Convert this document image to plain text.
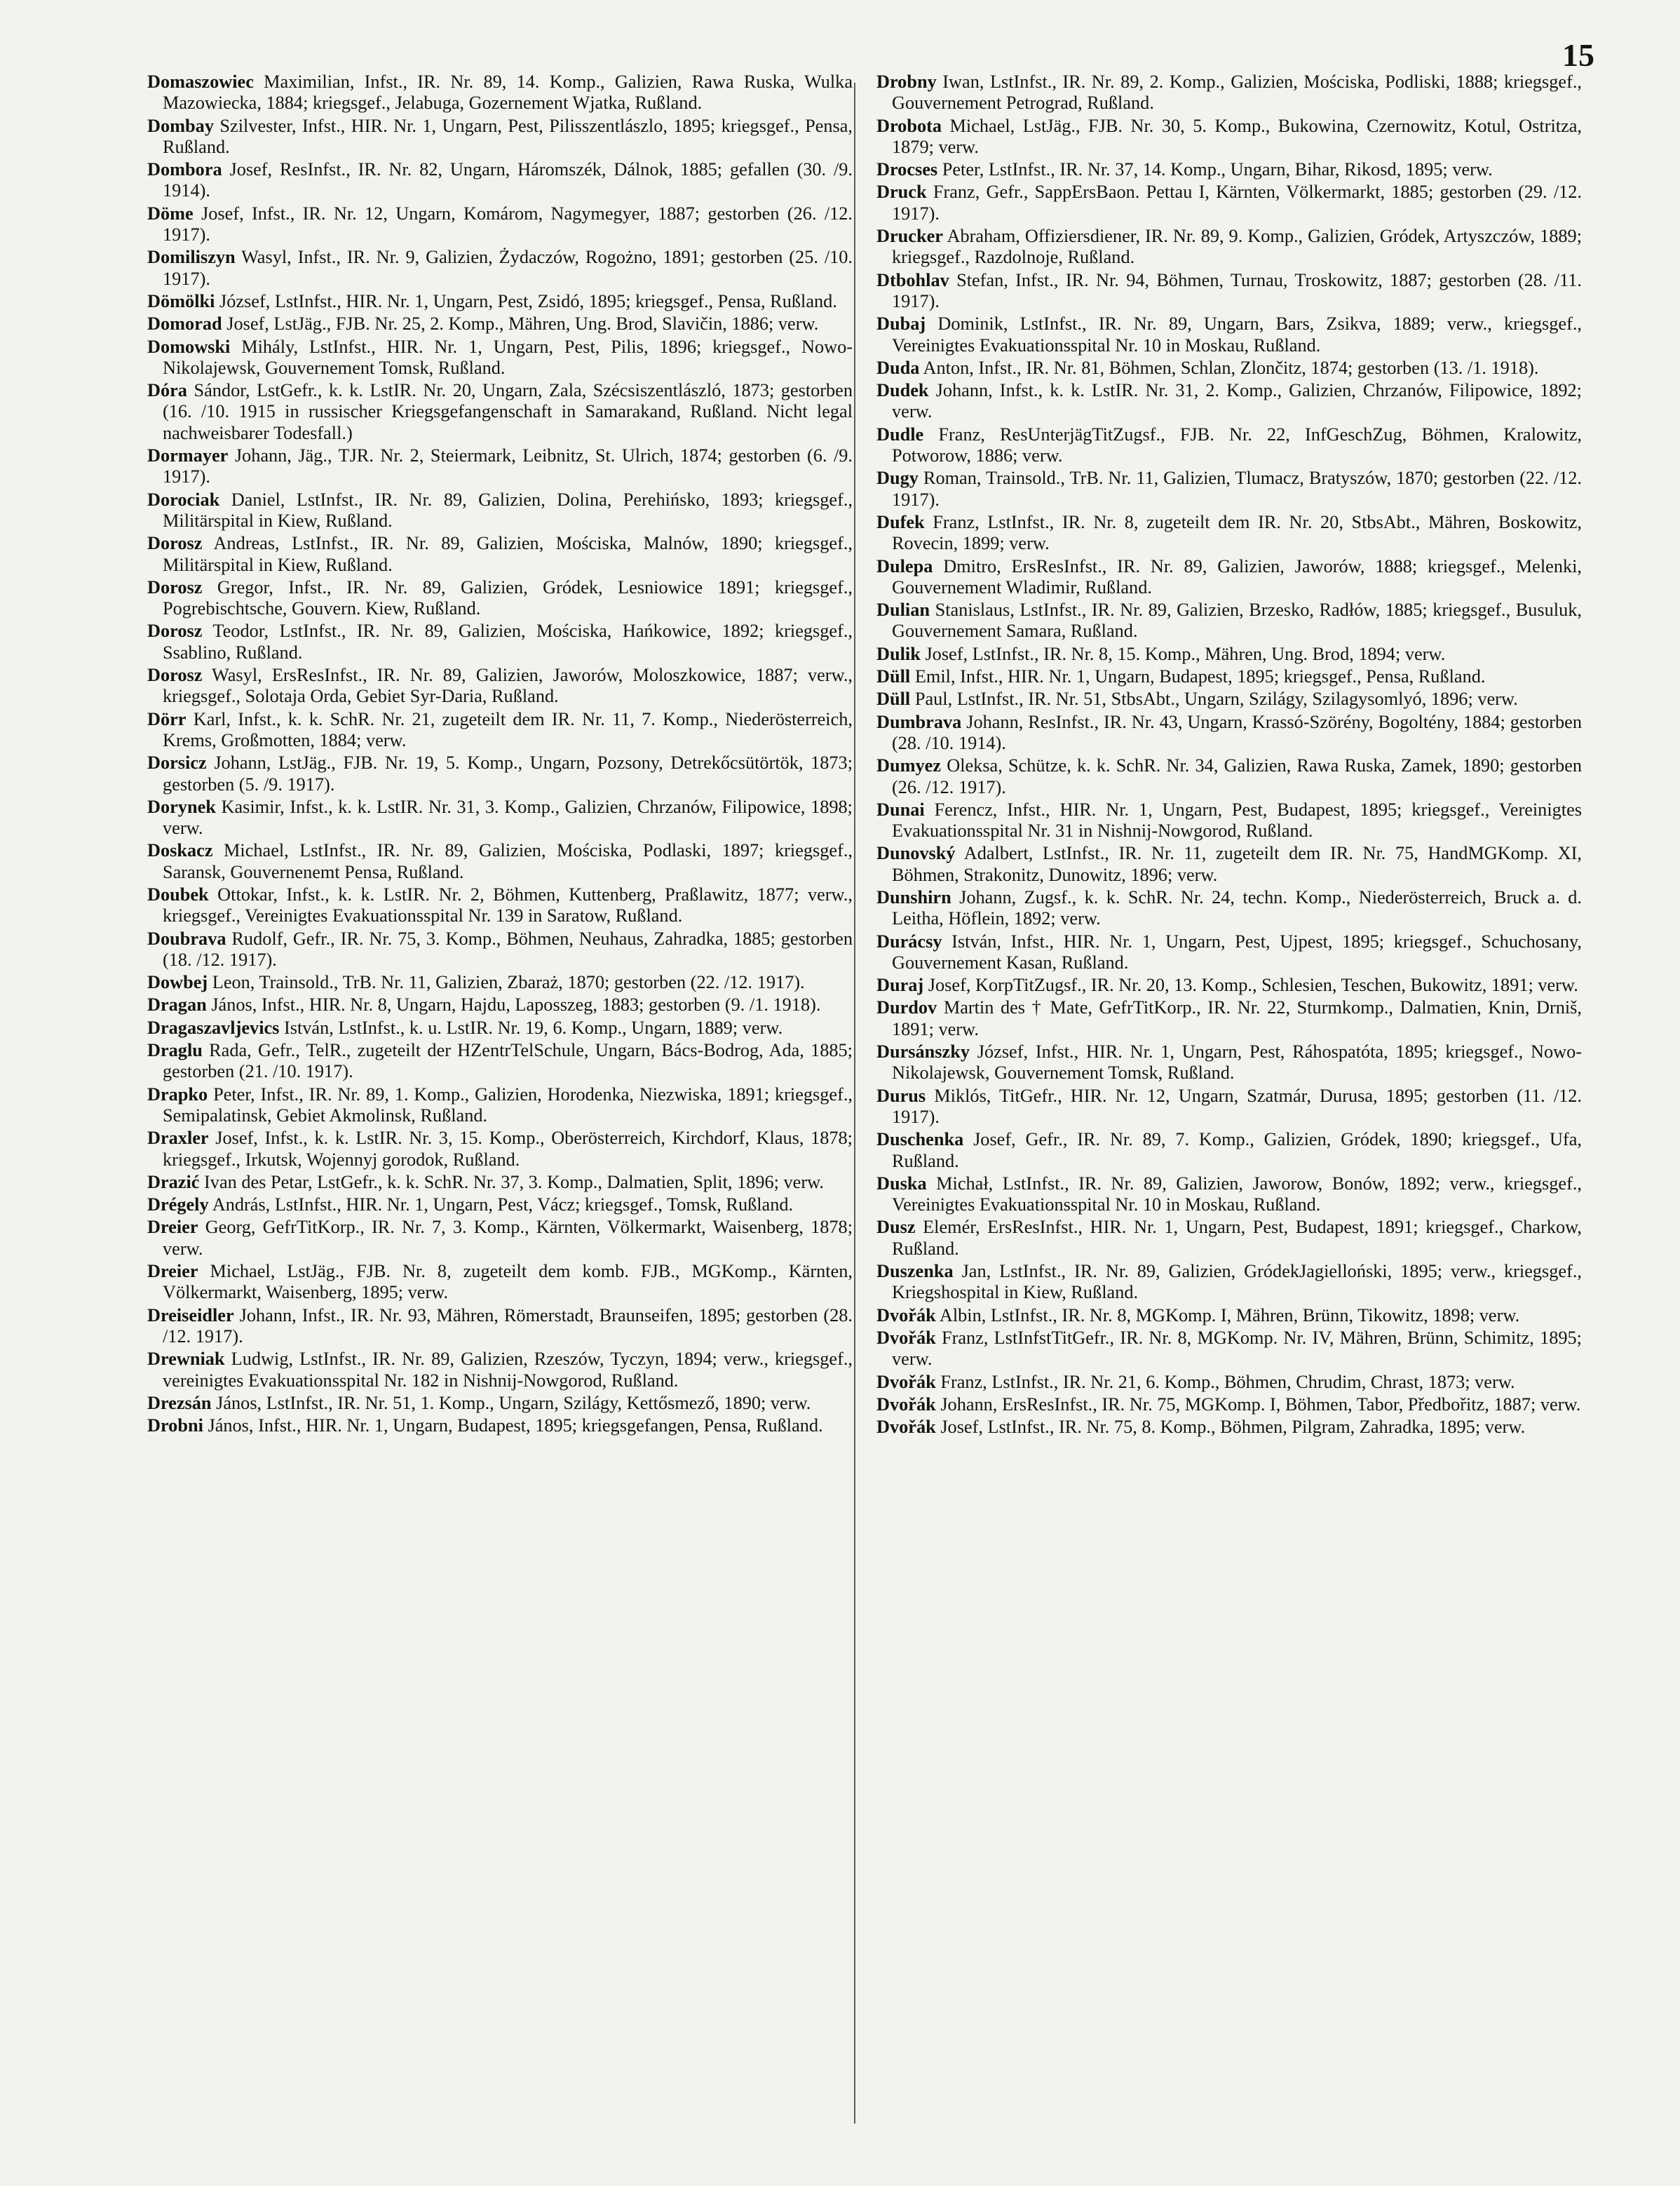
15

Domaszowiec Maximilian, Infst., IR. Nr. 89, 14. Komp., Galizien, Rawa Ruska, Wulka Mazowiecka, 1884; kriegsgef., Jelabuga, Gozernement Wjatka, Rußland.

Dombay Szilvester, Infst., HIR. Nr. 1, Ungarn, Pest, Pilisszentlászlo, 1895; kriegsgef., Pensa, Rußland.

Dombora Josef, ResInfst., IR. Nr. 82, Ungarn, Háromszék, Dálnok, 1885; gefallen (30. /9. 1914).

Döme Josef, Infst., IR. Nr. 12, Ungarn, Komárom, Nagymegyer, 1887; gestorben (26. /12. 1917).

Domiliszyn Wasyl, Infst., IR. Nr. 9, Galizien, Żydaczów, Rogożno, 1891; gestorben (25. /10. 1917).

Dömölki József, LstInfst., HIR. Nr. 1, Ungarn, Pest, Zsidó, 1895; kriegsgef., Pensa, Rußland.

Domorad Josef, LstJäg., FJB. Nr. 25, 2. Komp., Mähren, Ung. Brod, Slavičin, 1886; verw.

Domowski Mihály, LstInfst., HIR. Nr. 1, Ungarn, Pest, Pilis, 1896; kriegsgef., Nowo-Nikolajewsk, Gouvernement Tomsk, Rußland.

Dóra Sándor, LstGefr., k. k. LstIR. Nr. 20, Ungarn, Zala, Szécsiszentlászló, 1873; gestorben (16. /10. 1915 in russischer Kriegsgefangenschaft in Samarakand, Rußland. Nicht legal nachweisbarer Todesfall.)

Dormayer Johann, Jäg., TJR. Nr. 2, Steiermark, Leibnitz, St. Ulrich, 1874; gestorben (6. /9. 1917).

Dorociak Daniel, LstInfst., IR. Nr. 89, Galizien, Dolina, Perehińsko, 1893; kriegsgef., Militärspital in Kiew, Rußland.

Dorosz Andreas, LstInfst., IR. Nr. 89, Galizien, Mościska, Malnów, 1890; kriegsgef., Militärspital in Kiew, Rußland.

Dorosz Gregor, Infst., IR. Nr. 89, Galizien, Gródek, Lesniowice 1891; kriegsgef., Pogrebischtsche, Gouvern. Kiew, Rußland.

Dorosz Teodor, LstInfst., IR. Nr. 89, Galizien, Mościska, Hańkowice, 1892; kriegsgef., Ssablino, Rußland.

Dorosz Wasyl, ErsResInfst., IR. Nr. 89, Galizien, Jaworów, Moloszkowice, 1887; verw., kriegsgef., Solotaja Orda, Gebiet Syr-Daria, Rußland.

Dörr Karl, Infst., k. k. SchR. Nr. 21, zugeteilt dem IR. Nr. 11, 7. Komp., Niederösterreich, Krems, Großmotten, 1884; verw.

Dorsicz Johann, LstJäg., FJB. Nr. 19, 5. Komp., Ungarn, Pozsony, Detrekőcsütörtök, 1873; gestorben (5. /9. 1917).

Dorynek Kasimir, Infst., k. k. LstIR. Nr. 31, 3. Komp., Galizien, Chrzanów, Filipowice, 1898; verw.

Doskacz Michael, LstInfst., IR. Nr. 89, Galizien, Mościska, Podlaski, 1897; kriegsgef., Saransk, Gouvernenemt Pensa, Rußland.

Doubek Ottokar, Infst., k. k. LstIR. Nr. 2, Böhmen, Kuttenberg, Praßlawitz, 1877; verw., kriegsgef., Vereinigtes Evakuationsspital Nr. 139 in Saratow, Rußland.

Doubrava Rudolf, Gefr., IR. Nr. 75, 3. Komp., Böhmen, Neuhaus, Zahradka, 1885; gestorben (18. /12. 1917).

Dowbej Leon, Trainsold., TrB. Nr. 11, Galizien, Zbaraż, 1870; gestorben (22. /12. 1917).

Dragan János, Infst., HIR. Nr. 8, Ungarn, Hajdu, Laposszeg, 1883; gestorben (9. /1. 1918).

Dragaszavljevics István, LstInfst., k. u. LstIR. Nr. 19, 6. Komp., Ungarn, 1889; verw.

Draglu Rada, Gefr., TelR., zugeteilt der HZentrTelSchule, Ungarn, Bács-Bodrog, Ada, 1885; gestorben (21. /10. 1917).

Drapko Peter, Infst., IR. Nr. 89, 1. Komp., Galizien, Horodenka, Niezwiska, 1891; kriegsgef., Semipalatinsk, Gebiet Akmolinsk, Rußland.

Draxler Josef, Infst., k. k. LstIR. Nr. 3, 15. Komp., Oberösterreich, Kirchdorf, Klaus, 1878; kriegsgef., Irkutsk, Wojennyj gorodok, Rußland.

Drazić Ivan des Petar, LstGefr., k. k. SchR. Nr. 37, 3. Komp., Dalmatien, Split, 1896; verw.

Drégely András, LstInfst., HIR. Nr. 1, Ungarn, Pest, Vácz; kriegsgef., Tomsk, Rußland.

Dreier Georg, GefrTitKorp., IR. Nr. 7, 3. Komp., Kärnten, Völkermarkt, Waisenberg, 1878; verw.

Dreier Michael, LstJäg., FJB. Nr. 8, zugeteilt dem komb. FJB., MGKomp., Kärnten, Völkermarkt, Waisenberg, 1895; verw.

Dreiseidler Johann, Infst., IR. Nr. 93, Mähren, Römerstadt, Braunseifen, 1895; gestorben (28. /12. 1917).

Drewniak Ludwig, LstInfst., IR. Nr. 89, Galizien, Rzeszów, Tyczyn, 1894; verw., kriegsgef., vereinigtes Evakuationsspital Nr. 182 in Nishnij-Nowgorod, Rußland.

Drezsán János, LstInfst., IR. Nr. 51, 1. Komp., Ungarn, Szilágy, Kettősmező, 1890; verw.

Drobni János, Infst., HIR. Nr. 1, Ungarn, Budapest, 1895; kriegsgefangen, Pensa, Rußland.

Drobny Iwan, LstInfst., IR. Nr. 89, 2. Komp., Galizien, Mościska, Podliski, 1888; kriegsgef., Gouvernement Petrograd, Rußland.

Drobota Michael, LstJäg., FJB. Nr. 30, 5. Komp., Bukowina, Czernowitz, Kotul, Ostritza, 1879; verw.

Drocses Peter, LstInfst., IR. Nr. 37, 14. Komp., Ungarn, Bihar, Rikosd, 1895; verw.

Druck Franz, Gefr., SappErsBaon. Pettau I, Kärnten, Völkermarkt, 1885; gestorben (29. /12. 1917).

Drucker Abraham, Offiziersdiener, IR. Nr. 89, 9. Komp., Galizien, Gródek, Artyszczów, 1889; kriegsgef., Razdolnoje, Rußland.

Dtbohlav Stefan, Infst., IR. Nr. 94, Böhmen, Turnau, Troskowitz, 1887; gestorben (28. /11. 1917).

Dubaj Dominik, LstInfst., IR. Nr. 89, Ungarn, Bars, Zsikva, 1889; verw., kriegsgef., Vereinigtes Evakuationsspital Nr. 10 in Moskau, Rußland.

Duda Anton, Infst., IR. Nr. 81, Böhmen, Schlan, Zlončitz, 1874; gestorben (13. /1. 1918).

Dudek Johann, Infst., k. k. LstIR. Nr. 31, 2. Komp., Galizien, Chrzanów, Filipowice, 1892; verw.

Dudle Franz, ResUnterjägTitZugsf., FJB. Nr. 22, InfGeschZug, Böhmen, Kralowitz, Potworow, 1886; verw.

Dugy Roman, Trainsold., TrB. Nr. 11, Galizien, Tlumacz, Bratyszów, 1870; gestorben (22. /12. 1917).

Dufek Franz, LstInfst., IR. Nr. 8, zugeteilt dem IR. Nr. 20, StbsAbt., Mähren, Boskowitz, Rovecin, 1899; verw.

Dulepa Dmitro, ErsResInfst., IR. Nr. 89, Galizien, Jaworów, 1888; kriegsgef., Melenki, Gouvernement Wladimir, Rußland.

Dulian Stanislaus, LstInfst., IR. Nr. 89, Galizien, Brzesko, Radłów, 1885; kriegsgef., Busuluk, Gouvernement Samara, Rußland.

Dulik Josef, LstInfst., IR. Nr. 8, 15. Komp., Mähren, Ung. Brod, 1894; verw.

Düll Emil, Infst., HIR. Nr. 1, Ungarn, Budapest, 1895; kriegsgef., Pensa, Rußland.

Düll Paul, LstInfst., IR. Nr. 51, StbsAbt., Ungarn, Szilágy, Szilagysomlyó, 1896; verw.

Dumbrava Johann, ResInfst., IR. Nr. 43, Ungarn, Krassó-Szörény, Bogoltény, 1884; gestorben (28. /10. 1914).

Dumyez Oleksa, Schütze, k. k. SchR. Nr. 34, Galizien, Rawa Ruska, Zamek, 1890; gestorben (26. /12. 1917).

Dunai Ferencz, Infst., HIR. Nr. 1, Ungarn, Pest, Budapest, 1895; kriegsgef., Vereinigtes Evakuationsspital Nr. 31 in Nishnij-Nowgorod, Rußland.

Dunovský Adalbert, LstInfst., IR. Nr. 11, zugeteilt dem IR. Nr. 75, HandMGKomp. XI, Böhmen, Strakonitz, Dunowitz, 1896; verw.

Dunshirn Johann, Zugsf., k. k. SchR. Nr. 24, techn. Komp., Niederösterreich, Bruck a. d. Leitha, Höflein, 1892; verw.

Durácsy István, Infst., HIR. Nr. 1, Ungarn, Pest, Ujpest, 1895; kriegsgef., Schuchosany, Gouvernement Kasan, Rußland.

Duraj Josef, KorpTitZugsf., IR. Nr. 20, 13. Komp., Schlesien, Teschen, Bukowitz, 1891; verw.

Durdov Martin des † Mate, GefrTitKorp., IR. Nr. 22, Sturmkomp., Dalmatien, Knin, Drniš, 1891; verw.

Dursánszky József, Infst., HIR. Nr. 1, Ungarn, Pest, Ráhospatóta, 1895; kriegsgef., Nowo-Nikolajewsk, Gouvernement Tomsk, Rußland.

Durus Miklós, TitGefr., HIR. Nr. 12, Ungarn, Szatmár, Durusa, 1895; gestorben (11. /12. 1917).

Duschenka Josef, Gefr., IR. Nr. 89, 7. Komp., Galizien, Gródek, 1890; kriegsgef., Ufa, Rußland.

Duska Michał, LstInfst., IR. Nr. 89, Galizien, Jaworow, Bonów, 1892; verw., kriegsgef., Vereinigtes Evakuationsspital Nr. 10 in Moskau, Rußland.

Dusz Elemér, ErsResInfst., HIR. Nr. 1, Ungarn, Pest, Budapest, 1891; kriegsgef., Charkow, Rußland.

Duszenka Jan, LstInfst., IR. Nr. 89, Galizien, GródekJagielloński, 1895; verw., kriegsgef., Kriegshospital in Kiew, Rußland.

Dvořák Albin, LstInfst., IR. Nr. 8, MGKomp. I, Mähren, Brünn, Tikowitz, 1898; verw.

Dvořák Franz, LstInfstTitGefr., IR. Nr. 8, MGKomp. Nr. IV, Mähren, Brünn, Schimitz, 1895; verw.

Dvořák Franz, LstInfst., IR. Nr. 21, 6. Komp., Böhmen, Chrudim, Chrast, 1873; verw.

Dvořák Johann, ErsResInfst., IR. Nr. 75, MGKomp. I, Böhmen, Tabor, Předbořitz, 1887; verw.

Dvořák Josef, LstInfst., IR. Nr. 75, 8. Komp., Böhmen, Pilgram, Zahradka, 1895; verw.
